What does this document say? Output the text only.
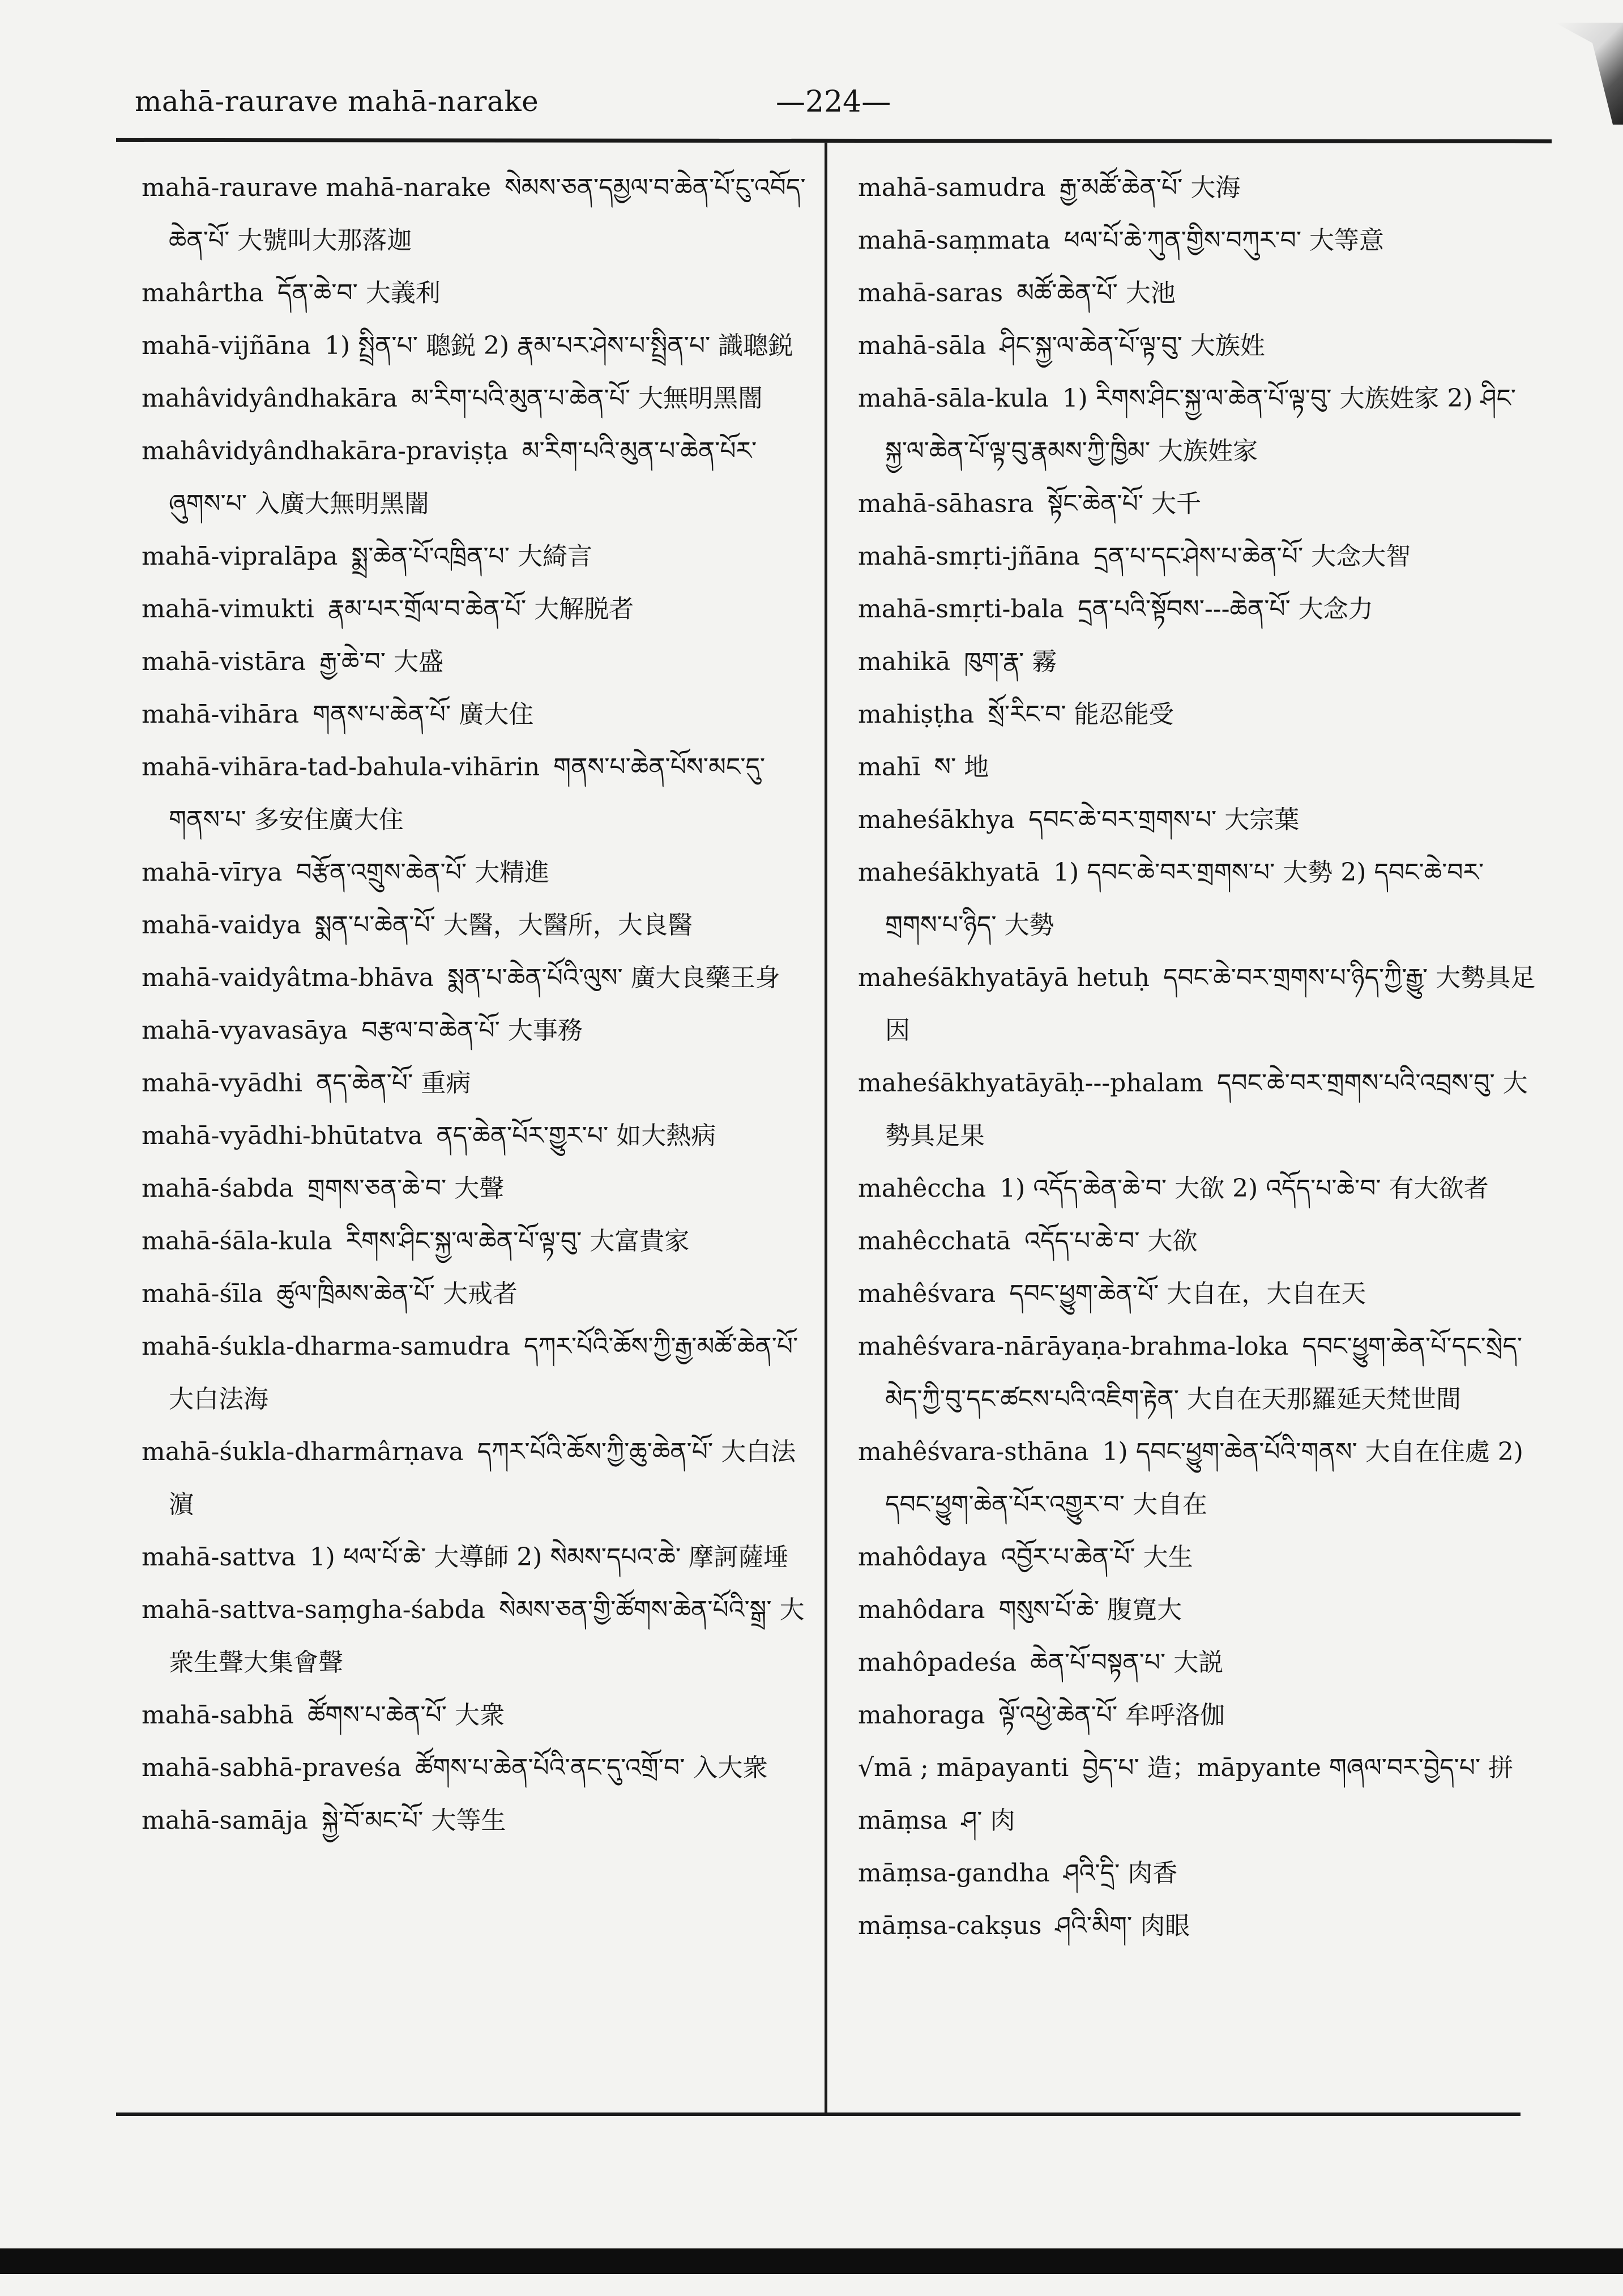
mahā-raurave mahā-narake	—224—
mahā-raurave mahā-narake སེམས་ཅན་དམྱལ་བ་ཆེན་པོ་ངུ་འབོད་ཆེན་པོ་ 大號叫大那落迦
mahârtha དོན་ཆེ་བ་ 大義利
mahā-vijñāna 1) སྤྲིན་པ་ 聰鋭 2) རྣམ་པར་ཤེས་པ་སྤྲིན་པ་ 識聰鋭
mahâvidyândhakāra མ་རིག་པའི་མུན་པ་ཆེན་པོ་ 大無明黑闇
mahâvidyândhakāra-praviṣṭa མ་རིག་པའི་མུན་པ་ཆེན་པོར་ཞུགས་པ་ 入廣大無明黑闇
mahā-vipralāpa སྨྲ་ཆེན་པོ་འཁྲིན་པ་ 大綺言
mahā-vimukti རྣམ་པར་གྲོལ་བ་ཆེན་པོ་ 大解脱者
mahā-vistāra རྒྱ་ཆེ་བ་ 大盛
mahā-vihāra གནས་པ་ཆེན་པོ་ 廣大住
mahā-vihāra-tad-bahula-vihārin གནས་པ་ཆེན་པོས་མང་དུ་གནས་པ་ 多安住廣大住
mahā-vīrya བརྩོན་འགྲུས་ཆེན་པོ་ 大精進
mahā-vaidya སྨན་པ་ཆེན་པོ་ 大醫，大醫所，大良醫
mahā-vaidyâtma-bhāva སྨན་པ་ཆེན་པོའི་ལུས་ 廣大良藥王身
mahā-vyavasāya བརྩལ་བ་ཆེན་པོ་ 大事務
mahā-vyādhi ནད་ཆེན་པོ་ 重病
mahā-vyādhi-bhūtatva ནད་ཆེན་པོར་གྱུར་པ་ 如大熱病
mahā-śabda གྲགས་ཅན་ཆེ་བ་ 大聲
mahā-śāla-kula རིགས་ཤིང་སྐྱ་ལ་ཆེན་པོ་ལྟ་བུ་ 大富貴家
mahā-śīla ཚུལ་ཁྲིམས་ཆེན་པོ་ 大戒者
mahā-śukla-dharma-samudra དཀར་པོའི་ཆོས་ཀྱི་རྒྱ་མཚོ་ཆེན་པོ་ 大白法海
mahā-śukla-dharmârṇava དཀར་པོའི་ཆོས་ཀྱི་ཆུ་ཆེན་པོ་ 大白法濵
mahā-sattva 1) ཕལ་པོ་ཆེ་ 大導師 2) སེམས་དཔའ་ཆེ་ 摩訶薩埵
mahā-sattva-saṃgha-śabda སེམས་ཅན་གྱི་ཚོགས་ཆེན་པོའི་སྒྲ་ 大衆生聲大集會聲
mahā-sabhā ཚོགས་པ་ཆེན་པོ་ 大衆
mahā-sabhā-praveśa ཚོགས་པ་ཆེན་པོའི་ནང་དུ་འགྲོ་བ་ 入大衆
mahā-samāja སྐྱེ་བོ་མང་པོ་ 大等生
mahā-samudra རྒྱ་མཚོ་ཆེན་པོ་ 大海
mahā-saṃmata ཕལ་པོ་ཆེ་ཀུན་གྱིས་བཀུར་བ་ 大等意
mahā-saras མཚོ་ཆེན་པོ་ 大池
mahā-sāla ཤིང་སྐྱ་ལ་ཆེན་པོ་ལྟ་བུ་ 大族姓
mahā-sāla-kula 1) རིགས་ཤིང་སྐྱ་ལ་ཆེན་པོ་ལྟ་བུ་ 大族姓家 2) ཤིང་སྐྱ་ལ་ཆེན་པོ་ལྟ་བུ་རྣམས་ཀྱི་ཁྱིམ་ 大族姓家
mahā-sāhasra སྟོང་ཆེན་པོ་ 大千
mahā-smṛti-jñāna དྲན་པ་དང་ཤེས་པ་ཆེན་པོ་ 大念大智
mahā-smṛti-bala དྲན་པའི་སྟོབས་---ཆེན་པོ་ 大念力
mahikā ཁུག་རྣ་ 霧
mahiṣṭha སྲོ་རིང་བ་ 能忍能受
mahī ས་ 地
maheśākhya དབང་ཆེ་བར་གྲགས་པ་ 大宗葉
maheśākhyatā 1) དབང་ཆེ་བར་གྲགས་པ་ 大勢 2) དབང་ཆེ་བར་གྲགས་པ་ཉིད་ 大勢
maheśākhyatāyā hetuḥ དབང་ཆེ་བར་གྲགས་པ་ཉིད་ཀྱི་རྒྱུ་ 大勢具足因
maheśākhyatāyāḥ---phalam དབང་ཆེ་བར་གྲགས་པའི་འབྲས་བུ་ 大勢具足果
mahêccha 1) འདོད་ཆེན་ཆེ་བ་ 大欲 2) འདོད་པ་ཆེ་བ་ 有大欲者
mahêcchatā འདོད་པ་ཆེ་བ་ 大欲
mahêśvara དབང་ཕྱུག་ཆེན་པོ་ 大自在，大自在天
mahêśvara-nārāyaṇa-brahma-loka དབང་ཕྱུག་ཆེན་པོ་དང་སྲེད་མེད་ཀྱི་བུ་དང་ཚངས་པའི་འཇིག་རྟེན་ 大自在天那羅延天梵世間
mahêśvara-sthāna 1) དབང་ཕྱུག་ཆེན་པོའི་གནས་ 大自在住處 2) དབང་ཕྱུག་ཆེན་པོར་འགྱུར་བ་ 大自在
mahôdaya འབྱོར་པ་ཆེན་པོ་ 大生
mahôdara གསུས་པོ་ཆེ་ 腹寛大
mahôpadeśa ཆེན་པོ་བསྟན་པ་ 大説
mahoraga ལྟོ་འཕྱེ་ཆེན་པོ་ 牟呼洛伽
√mā ; māpayanti བྱེད་པ་ 造；māpyante གཞལ་བར་བྱེད་པ་ 拼
māṃsa ཤ་ 肉
māṃsa-gandha ཤའི་དྲི་ 肉香
māṃsa-cakṣus ཤའི་མིག་ 肉眼
